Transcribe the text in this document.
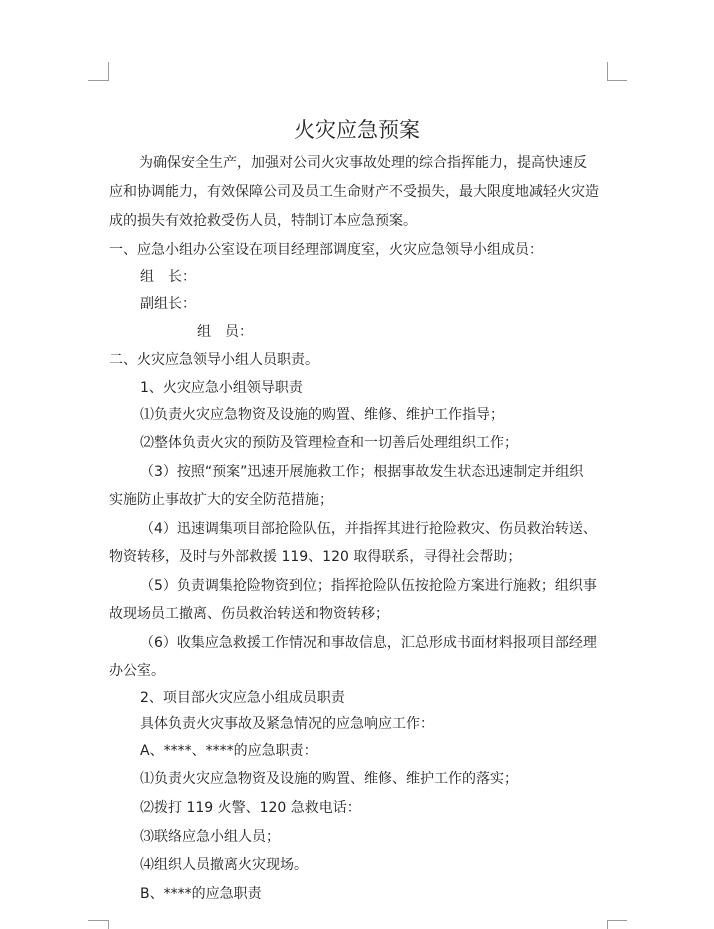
火灾应急预案
为确保安全生产，加强对公司火灾事故处理的综合指挥能力，提高快速反
应和协调能力，有效保障公司及员工生命财产不受损失，最大限度地减轻火灾造
成的损失有效抢救受伤人员，特制订本应急预案。
一、应急小组办公室设在项目经理部调度室，火灾应急领导小组成员：
组　长：
副组长：
组　员：
二、火灾应急领导小组人员职责。
1、火灾应急小组领导职责
⑴负责火灾应急物资及设施的购置、维修、维护工作指导；
⑵整体负责火灾的预防及管理检查和一切善后处理组织工作；
（3）按照“预案”迅速开展施救工作；根据事故发生状态迅速制定并组织
实施防止事故扩大的安全防范措施；
（4）迅速调集项目部抢险队伍，并指挥其进行抢险救灾、伤员救治转送、
物资转移，及时与外部救援 119、120 取得联系，寻得社会帮助；
（5）负责调集抢险物资到位；指挥抢险队伍按抢险方案进行施救；组织事
故现场员工撤离、伤员救治转送和物资转移；
（6）收集应急救援工作情况和事故信息，汇总形成书面材料报项目部经理
办公室。
2、项目部火灾应急小组成员职责
具体负责火灾事故及紧急情况的应急响应工作：
A、****、****的应急职责：
⑴负责火灾应急物资及设施的购置、维修、维护工作的落实；
⑵拨打 119 火警、120 急救电话：
⑶联络应急小组人员；
⑷组织人员撤离火灾现场。
B、****的应急职责
